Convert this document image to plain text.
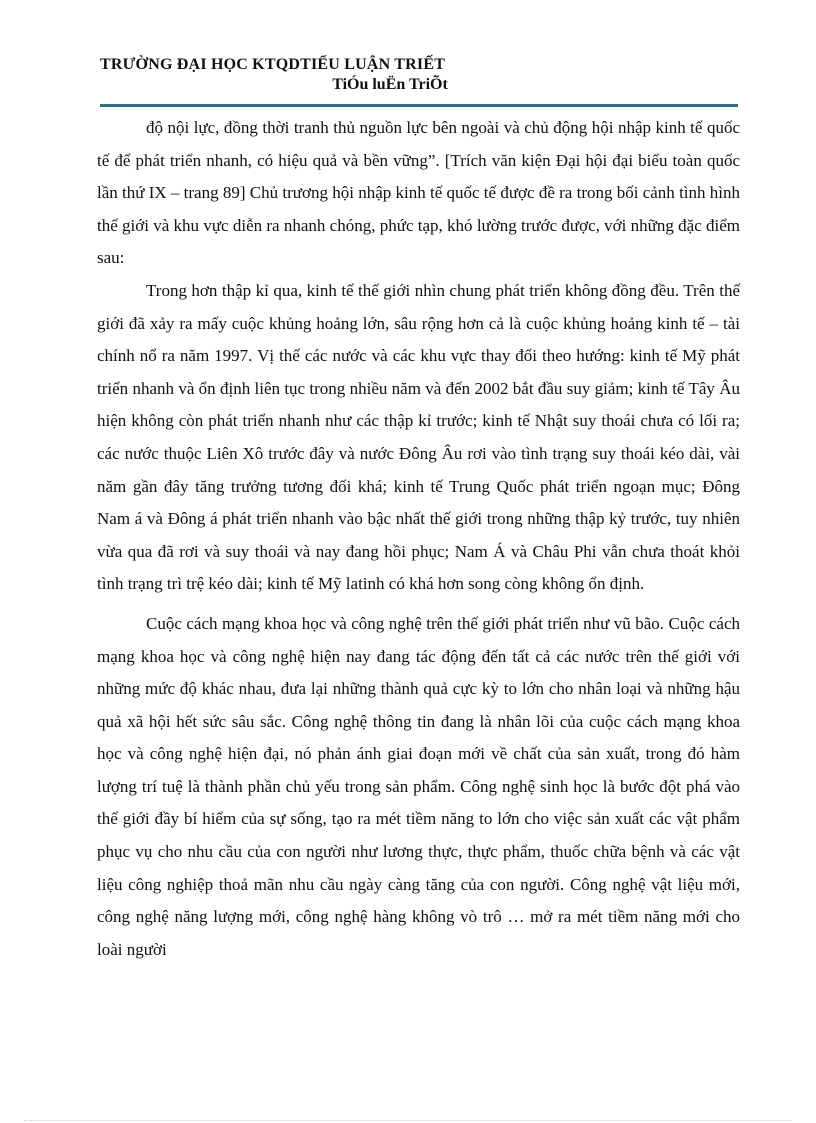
TRƯỜNG ĐẠI HỌC KTQDTIỂU LUẬN TRIẾT
TiÓu luËn TriÕt

độ nội lực, đồng thời tranh thủ nguồn lực bên ngoài và chủ động hội nhập kinh tế quốc tế để phát triển nhanh, có hiệu quả và bền vững”. [Trích văn kiện Đại hội đại biểu toàn quốc lần thứ IX – trang 89] Chủ trương hội nhập kinh tế quốc tế được đề ra trong bối cảnh tình hình thế giới và khu vực diễn ra nhanh chóng, phức tạp, khó lường trước được, với những đặc điểm sau:

Trong hơn thập kỉ qua, kinh tế thế giới nhìn chung phát triển không đồng đều. Trên thế giới đã xảy ra mấy cuộc khủng hoảng lớn, sâu rộng hơn cả là cuộc khủng hoảng kinh tế – tài chính nổ ra năm 1997. Vị thế các nước và các khu vực thay đổi theo hướng: kinh tế Mỹ phát triển nhanh và ổn định liên tục trong nhiều năm và đến 2002 bắt đầu suy giảm; kinh tế Tây Âu hiện không còn phát triển nhanh như các thập kỉ trước; kinh tế Nhật suy thoái chưa có lối ra; các nước thuộc Liên Xô trước đây và nước Đông Âu rơi vào tình trạng suy thoái kéo dài, vài năm gần đây tăng trưởng tương đối khá; kinh tế Trung Quốc phát triển ngoạn mục; Đông Nam á và Đông á phát triển nhanh vào bậc nhất thế giới trong những thập kỷ trước, tuy nhiên vừa qua đã rơi và suy thoái và nay đang hồi phục; Nam Á và Châu Phi vẫn chưa thoát khỏi tình trạng trì trệ kéo dài; kinh tế Mỹ latinh có khá hơn song còng không ổn định.

Cuộc cách mạng khoa học và công nghệ trên thế giới phát triển như vũ bão. Cuộc cách mạng khoa học và công nghệ hiện nay đang tác động đến tất cả các nước trên thế giới với những mức độ khác nhau, đưa lại những thành quả cực kỳ to lớn cho nhân loại và những hậu quả xã hội hết sức sâu sắc. Công nghệ thông tin đang là nhân lõi của cuộc cách mạng khoa học và công nghệ hiện đại, nó phản ánh giai đoạn mới về chất của sản xuất, trong đó hàm lượng trí tuệ là thành phần chủ yếu trong sản phẩm. Công nghệ sinh học là bước đột phá vào thế giới đầy bí hiểm của sự sống, tạo ra mét tiềm năng to lớn cho việc sản xuất các vật phẩm phục vụ cho nhu cầu của con người như lương thực, thực phẩm, thuốc chữa bệnh và các vật liệu công nghiệp thoả mãn nhu cầu ngày càng tăng của con người. Công nghệ vật liệu mới, công nghệ năng lượng mới, công nghệ hàng không vò trô … mở ra mét tiềm năng mới cho loài người
